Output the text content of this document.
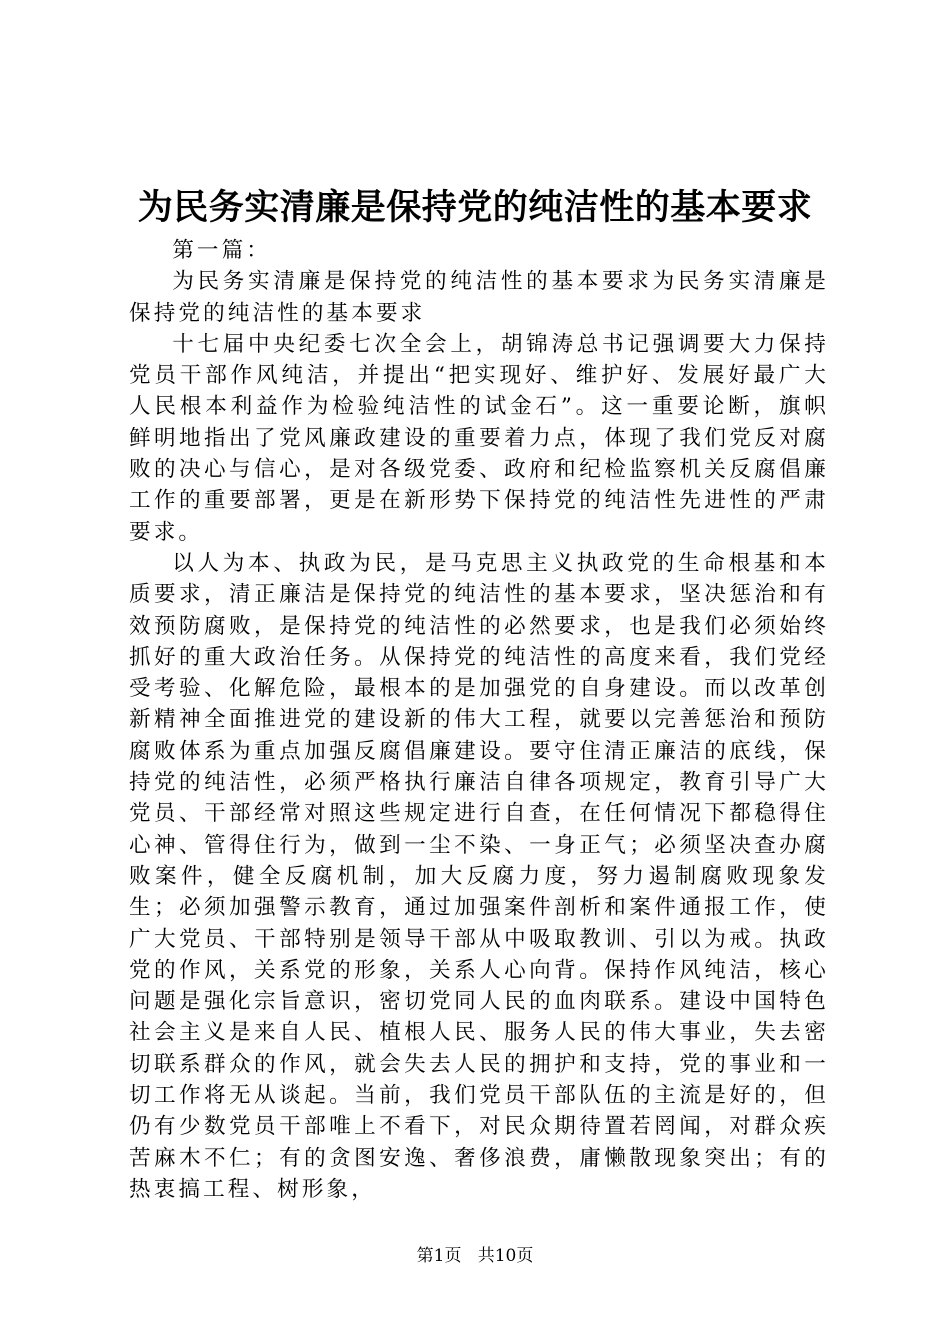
为民务实清廉是保持党的纯洁性的基本要求

第一篇：

为民务实清廉是保持党的纯洁性的基本要求为民务实清廉是保持党的纯洁性的基本要求

十七届中央纪委七次全会上，胡锦涛总书记强调要大力保持党员干部作风纯洁，并提出“把实现好、维护好、发展好最广大人民根本利益作为检验纯洁性的试金石”。这一重要论断，旗帜鲜明地指出了党风廉政建设的重要着力点，体现了我们党反对腐败的决心与信心，是对各级党委、政府和纪检监察机关反腐倡廉工作的重要部署，更是在新形势下保持党的纯洁性先进性的严肃要求。

以人为本、执政为民，是马克思主义执政党的生命根基和本质要求，清正廉洁是保持党的纯洁性的基本要求，坚决惩治和有效预防腐败，是保持党的纯洁性的必然要求，也是我们必须始终抓好的重大政治任务。从保持党的纯洁性的高度来看，我们党经受考验、化解危险，最根本的是加强党的自身建设。而以改革创新精神全面推进党的建设新的伟大工程，就要以完善惩治和预防腐败体系为重点加强反腐倡廉建设。要守住清正廉洁的底线，保持党的纯洁性，必须严格执行廉洁自律各项规定，教育引导广大党员、干部经常对照这些规定进行自查，在任何情况下都稳得住心神、管得住行为，做到一尘不染、一身正气；必须坚决查办腐败案件，健全反腐机制，加大反腐力度，努力遏制腐败现象发生；必须加强警示教育，通过加强案件剖析和案件通报工作，使广大党员、干部特别是领导干部从中吸取教训、引以为戒。执政党的作风，关系党的形象，关系人心向背。保持作风纯洁，核心问题是强化宗旨意识，密切党同人民的血肉联系。建设中国特色社会主义是来自人民、植根人民、服务人民的伟大事业，失去密切联系群众的作风，就会失去人民的拥护和支持，党的事业和一切工作将无从谈起。当前，我们党员干部队伍的主流是好的，但仍有少数党员干部唯上不看下，对民众期待置若罔闻，对群众疾苦麻木不仁；有的贪图安逸、奢侈浪费，庸懒散现象突出；有的热衷搞工程、树形象，

第1页 共10页
